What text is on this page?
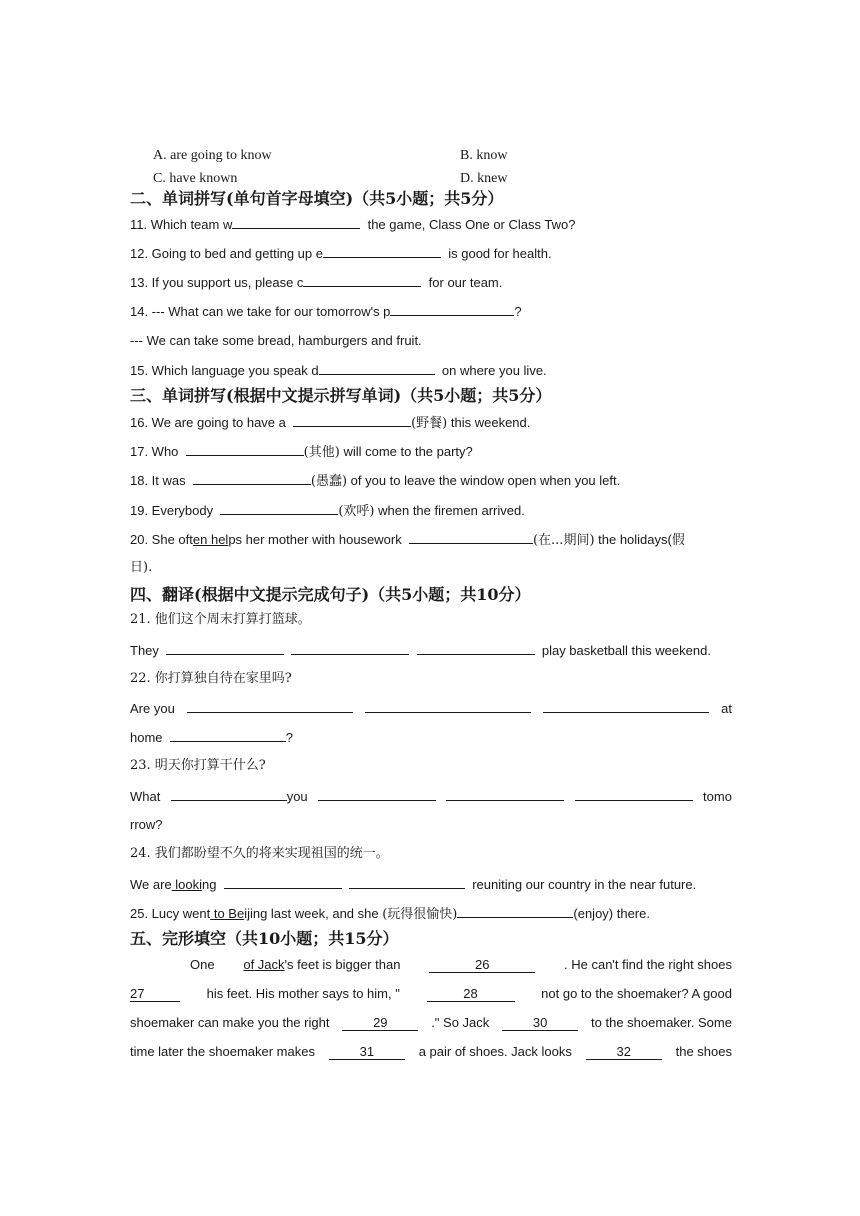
A. are going to know	B. know
C. have known	D. knew
二、单词拼写(单句首字母填空)（共5小题；共5分）
11. Which team w	the game, Class One or Class Two?
12. Going to bed and getting up e	is good for health.
13. If you support us, please c	for our team.
14. --- What can we take for our tomorrow's p	?
--- We can take some bread, hamburgers and fruit.
15. Which language you speak d	on where you live.
三、单词拼写(根据中文提示拼写单词)（共5小题；共5分）
16. We are going to have a	(野餐) this weekend.
17. Who	(其他) will come to the party?
18. It was	(愚蠢) of you to leave the window open when you left.
19. Everybody	(欢呼) when the firemen arrived.
20. She often helps her mother with housework	(在...期间) the holidays(假
日).
四、翻译(根据中文提示完成句子)（共5小题；共10分）
21. 他们这个周末打算打篮球。
They	play basketball this weekend.
22. 你打算独自待在家里吗?
Are you	at
home	?
23. 明天你打算干什么?
What	you	tomo
rrow?
24. 我们都盼望不久的将来实现祖国的统一。
We are looking	reuniting our country in the near future.
25. Lucy went to Beijing last week, and she (玩得很愉快)	(enjoy) there.
五、完形填空（共10小题；共15分）
One of Jack's feet is bigger than	26	. He can't find the right shoes
27	his feet. His mother says to him, "	28	not go to the shoemaker? A good
shoemaker can make you the right	29	." So Jack	30	to the shoemaker. Some
time later the shoemaker makes	31	a pair of shoes. Jack looks	32	the shoes
